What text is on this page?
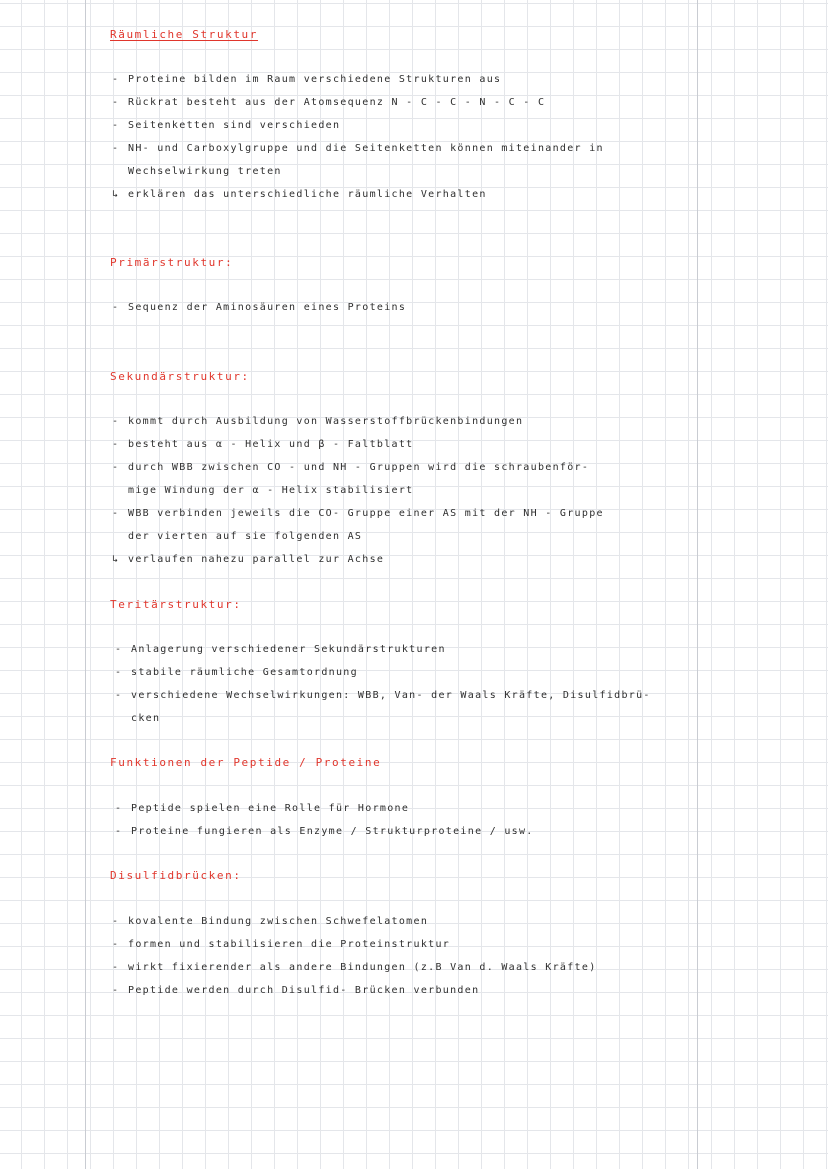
Räumliche Struktur

- Proteine bilden im Raum verschiedene Strukturen aus

- Rückrat besteht aus der Atomsequenz N - C - C - N - C - C

- Seitenketten sind verschieden

- NH- und Carboxylgruppe und die Seitenketten können miteinander in

Wechselwirkung treten

↳ erklären das unterschiedliche räumliche Verhalten

Primärstruktur:

- Sequenz der Aminosäuren eines Proteins

Sekundärstruktur:

- kommt durch Ausbildung von Wasserstoffbrückenbindungen

- besteht aus α - Helix und β - Faltblatt

- durch WBB zwischen CO - und NH - Gruppen wird die schraubenför-

mige Windung der α - Helix stabilisiert

- WBB verbinden jeweils die CO- Gruppe einer AS mit der NH - Gruppe

der vierten auf sie folgenden AS

↳ verlaufen nahezu parallel zur Achse

Teritärstruktur:

- Anlagerung verschiedener Sekundärstrukturen

- stabile räumliche Gesamtordnung

- verschiedene Wechselwirkungen: WBB, Van- der Waals Kräfte, Disulfidbrü-

cken

Funktionen der Peptide / Proteine

- Peptide spielen eine Rolle für Hormone

- Proteine fungieren als Enzyme / Strukturproteine / usw.

Disulfidbrücken:

- kovalente Bindung zwischen Schwefelatomen

- formen und stabilisieren die Proteinstruktur

- wirkt fixierender als andere Bindungen (z.B Van d. Waals Kräfte)

- Peptide werden durch Disulfid- Brücken verbunden
